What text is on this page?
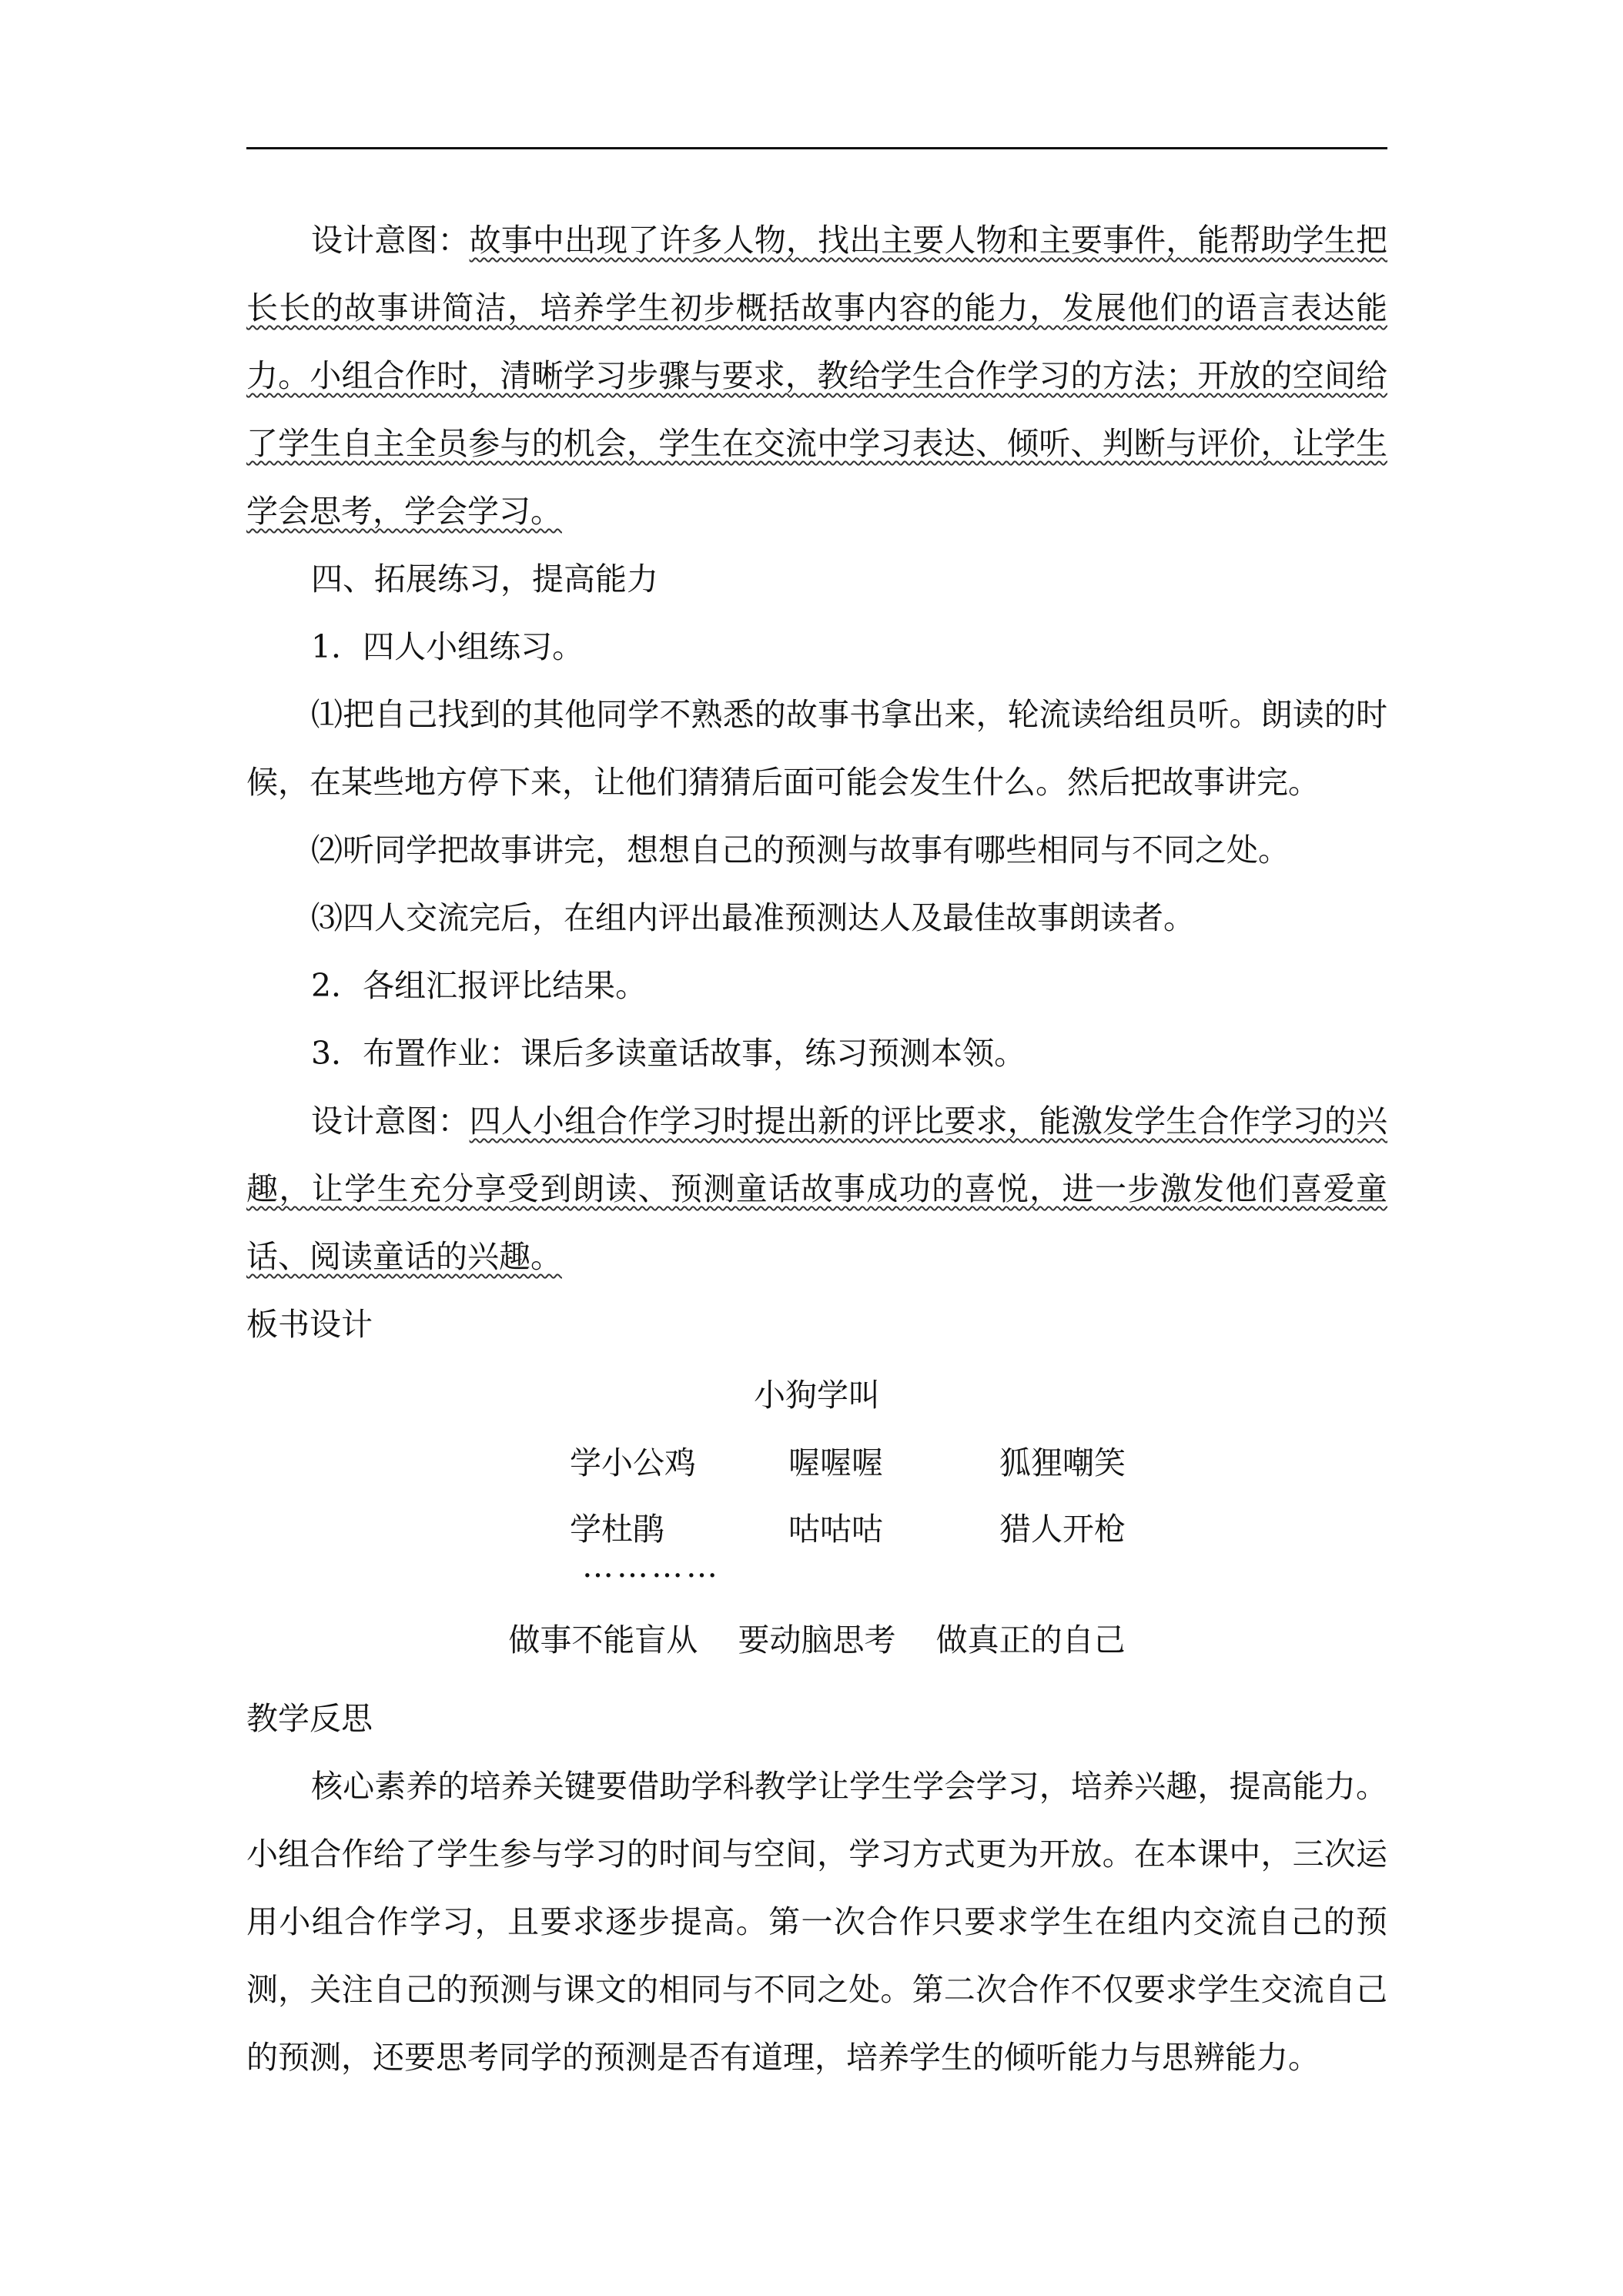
设计意图：故事中出现了许多人物，找出主要人物和主要事件，能帮助学生把长长的故事讲简洁，培养学生初步概括故事内容的能力，发展他们的语言表达能力。小组合作时，清晰学习步骤与要求，教给学生合作学习的方法；开放的空间给了学生自主全员参与的机会，学生在交流中学习表达、倾听、判断与评价，让学生学会思考，学会学习。

四、拓展练习，提高能力

1．四人小组练习。

⑴把自己找到的其他同学不熟悉的故事书拿出来，轮流读给组员听。朗读的时候，在某些地方停下来，让他们猜猜后面可能会发生什么。然后把故事讲完。

⑵听同学把故事讲完，想想自己的预测与故事有哪些相同与不同之处。

⑶四人交流完后，在组内评出最准预测达人及最佳故事朗读者。

2．各组汇报评比结果。

3．布置作业：课后多读童话故事，练习预测本领。

设计意图：四人小组合作学习时提出新的评比要求，能激发学生合作学习的兴趣，让学生充分享受到朗读、预测童话故事成功的喜悦，进一步激发他们喜爱童话、阅读童话的兴趣。

板书设计

小狗学叫
学小公鸡	喔喔喔	狐狸嘲笑
学杜鹃	咕咕咕	猎人开枪
…………
做事不能盲从    要动脑思考    做真正的自己

教学反思

核心素养的培养关键要借助学科教学让学生学会学习，培养兴趣，提高能力。小组合作给了学生参与学习的时间与空间，学习方式更为开放。在本课中，三次运用小组合作学习，且要求逐步提高。第一次合作只要求学生在组内交流自己的预测，关注自己的预测与课文的相同与不同之处。第二次合作不仅要求学生交流自己的预测，还要思考同学的预测是否有道理，培养学生的倾听能力与思辨能力。
